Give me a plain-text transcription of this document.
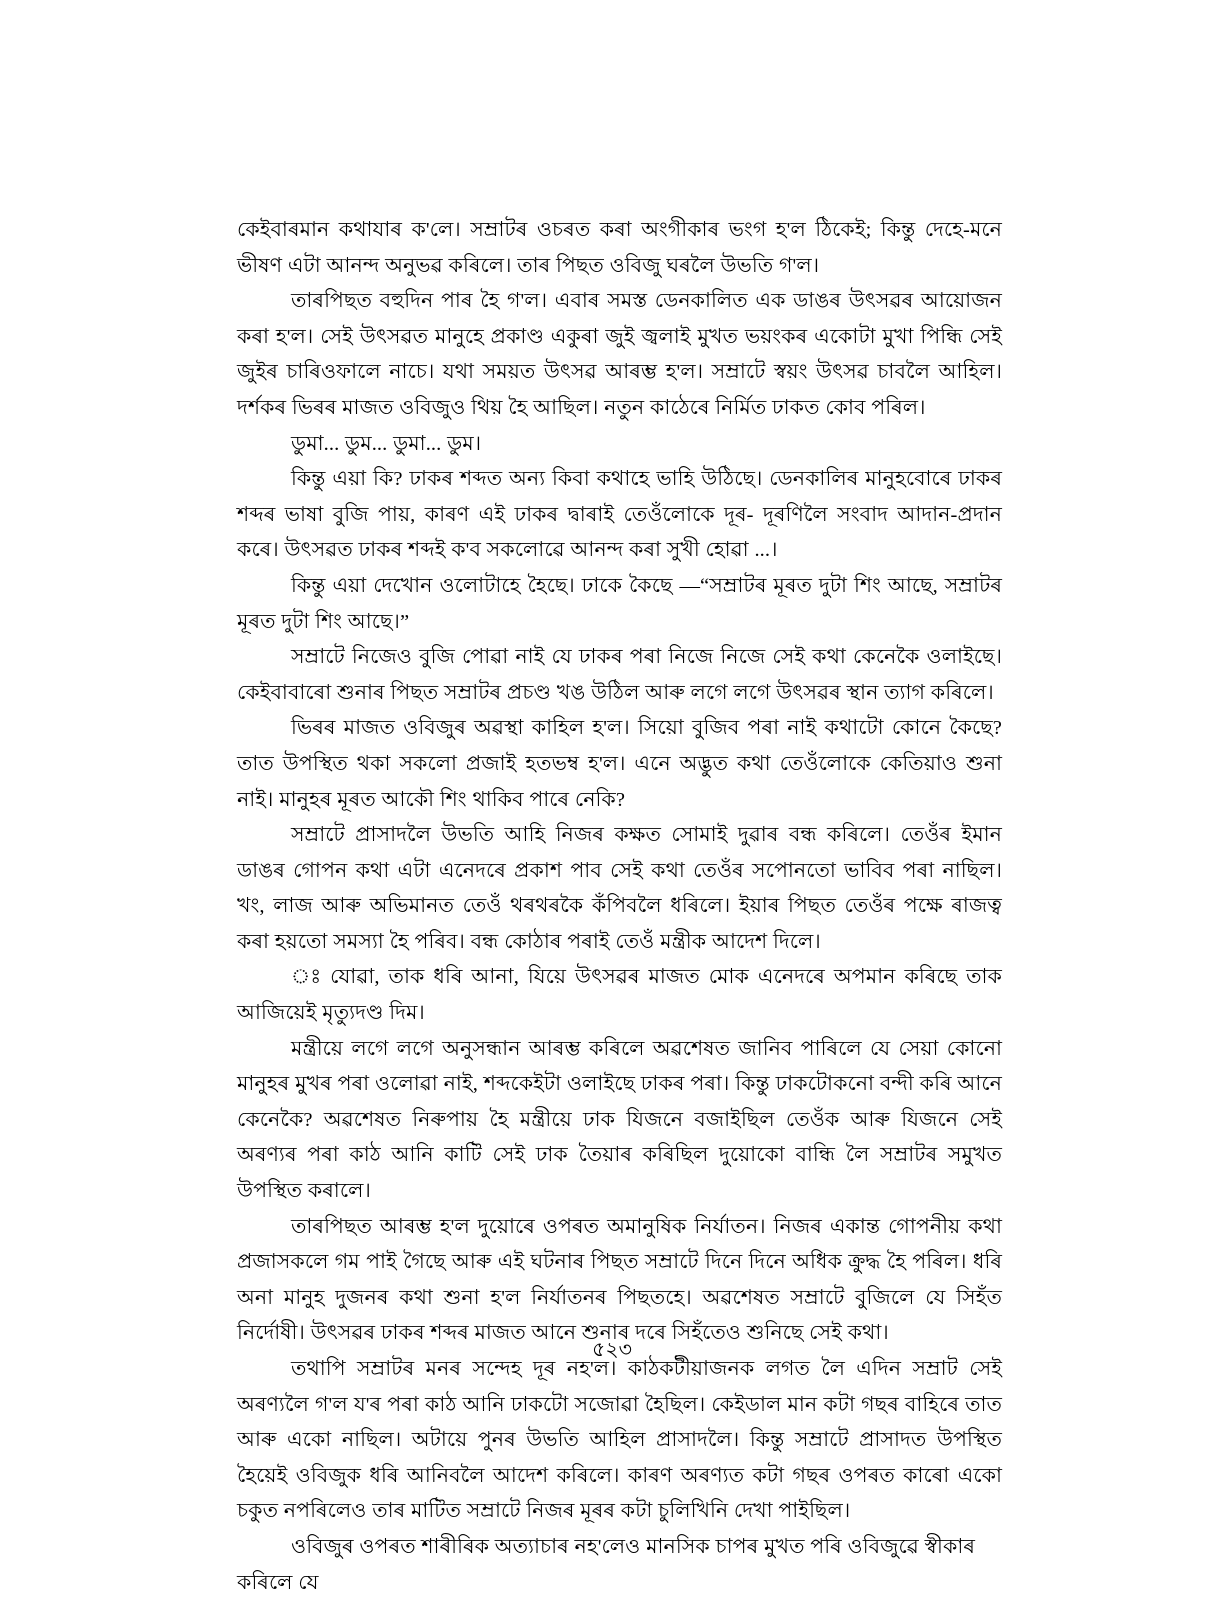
কেইবাৰমান কথাযাৰ ক'লে। সম্ৰাটৰ ওচৰত কৰা অংগীকাৰ ভংগ হ'ল ঠিকেই; কিন্তু দেহে-মনে ভীষণ এটা আনন্দ অনুভৱ কৰিলে। তাৰ পিছত ওবিজু ঘৰলৈ উভতি গ'ল।

তাৰপিছত বহুদিন পাৰ হৈ গ'ল। এবাৰ সমস্ত ডেনকালিত এক ডাঙৰ উৎসৱৰ আয়োজন কৰা হ'ল। সেই উৎসৱত মানুহে প্ৰকাণ্ড একুৰা জুই জ্বলাই মুখত ভয়ংকৰ একোটা মুখা পিন্ধি সেই জুইৰ চাৰিওফালে নাচে। যথা সময়ত উৎসৱ আৰম্ভ হ'ল। সম্ৰাটে স্বয়ং উৎসৱ চাবলৈ আহিল। দৰ্শকৰ ভিৰৰ মাজত ওবিজুও থিয় হৈ আছিল। নতুন কাঠেৰে নিৰ্মিত ঢাকত কোব পৰিল।

ডুমা... ডুম... ডুমা... ডুম।

কিন্তু এয়া কি? ঢাকৰ শব্দত অন্য কিবা কথাহে ভাহি উঠিছে। ডেনকালিৰ মানুহবোৰে ঢাকৰ শব্দৰ ভাষা বুজি পায়, কাৰণ এই ঢাকৰ দ্বাৰাই তেওঁলোকে দূৰ- দূৰণিলৈ সংবাদ আদান-প্ৰদান কৰে। উৎসৱত ঢাকৰ শব্দই ক'ব সকলোৱে আনন্দ কৰা সুখী হোৱা ...।

কিন্তু এয়া দেখোন ওলোটাহে হৈছে। ঢাকে কৈছে —“সম্ৰাটৰ মূৰত দুটা শিং আছে, সম্ৰাটৰ মূৰত দুটা শিং আছে।”

সম্ৰাটে নিজেও বুজি পোৱা নাই যে ঢাকৰ পৰা নিজে নিজে সেই কথা কেনেকৈ ওলাইছে। কেইবাবাৰো শুনাৰ পিছত সম্ৰাটৰ প্ৰচণ্ড খঙ উঠিল আৰু লগে লগে উৎসৱৰ স্থান ত্যাগ কৰিলে।

ভিৰৰ মাজত ওবিজুৰ অৱস্থা কাহিল হ'ল। সিয়ো বুজিব পৰা নাই কথাটো কোনে কৈছে? তাত উপস্থিত থকা সকলো প্ৰজাই হতভম্ব হ'ল। এনে অদ্ভুত কথা তেওঁলোকে কেতিয়াও শুনা নাই। মানুহৰ মূৰত আকৌ শিং থাকিব পাৰে নেকি?

সম্ৰাটে প্ৰাসাদলৈ উভতি আহি নিজৰ কক্ষত সোমাই দুৱাৰ বন্ধ কৰিলে। তেওঁৰ ইমান ডাঙৰ গোপন কথা এটা এনেদৰে প্ৰকাশ পাব সেই কথা তেওঁৰ সপোনতো ভাবিব পৰা নাছিল। খং, লাজ আৰু অভিমানত তেওঁ থৰথৰকৈ কঁপিবলৈ ধৰিলে। ইয়াৰ পিছত তেওঁৰ পক্ষে ৰাজত্ব কৰা হয়তো সমস্যা হৈ পৰিব। বন্ধ কোঠাৰ পৰাই তেওঁ মন্ত্ৰীক আদেশ দিলে।

ঃ যোৱা, তাক ধৰি আনা, যিয়ে উৎসৱৰ মাজত মোক এনেদৰে অপমান কৰিছে তাক আজিয়েই মৃত্যুদণ্ড দিম।

মন্ত্ৰীয়ে লগে লগে অনুসন্ধান আৰম্ভ কৰিলে অৱশেষত জানিব পাৰিলে যে সেয়া কোনো মানুহৰ মুখৰ পৰা ওলোৱা নাই, শব্দকেইটা ওলাইছে ঢাকৰ পৰা। কিন্তু ঢাকটোকনো বন্দী কৰি আনে কেনেকৈ? অৱশেষত নিৰুপায় হৈ মন্ত্ৰীয়ে ঢাক যিজনে বজাইছিল তেওঁক আৰু যিজনে সেই অৰণ্যৰ পৰা কাঠ আনি কাটি সেই ঢাক তৈয়াৰ কৰিছিল দুয়োকো বান্ধি লৈ সম্ৰাটৰ সমুখত উপস্থিত কৰালে।

তাৰপিছত আৰম্ভ হ'ল দুয়োৰে ওপৰত অমানুষিক নিৰ্যাতন। নিজৰ একান্ত গোপনীয় কথা প্ৰজাসকলে গম পাই গৈছে আৰু এই ঘটনাৰ পিছত সম্ৰাটে দিনে দিনে অধিক ক্ৰুদ্ধ হৈ পৰিল। ধৰি অনা মানুহ দুজনৰ কথা শুনা হ'ল নিৰ্যাতনৰ পিছতহে। অৱশেষত সম্ৰাটে বুজিলে যে সিহঁত নিৰ্দোষী। উৎসৱৰ ঢাকৰ শব্দৰ মাজত আনে শুনাৰ দৰে সিহঁতেও শুনিছে সেই কথা।

তথাপি সম্ৰাটৰ মনৰ সন্দেহ দূৰ নহ'ল। কাঠকটীয়াজনক লগত লৈ এদিন সম্ৰাট সেই অৰণ্যলৈ গ'ল য'ৰ পৰা কাঠ আনি ঢাকটো সজোৱা হৈছিল। কেইডাল মান কটা গছৰ বাহিৰে তাত আৰু একো নাছিল। অটায়ে পুনৰ উভতি আহিল প্ৰাসাদলৈ। কিন্তু সম্ৰাটে প্ৰাসাদত উপস্থিত হৈয়েই ওবিজুক ধৰি আনিবলৈ আদেশ কৰিলে। কাৰণ অৰণ্যত কটা গছৰ ওপৰত কাৰো একো চকুত নপৰিলেও তাৰ মাটিত সম্ৰাটে নিজৰ মূৰৰ কটা চুলিখিনি দেখা পাইছিল।

ওবিজুৰ ওপৰত শাৰীৰিক অত্যাচাৰ নহ'লেও মানসিক চাপৰ মুখত পৰি ওবিজুৱে স্বীকাৰ কৰিলে যে

৫২৩
